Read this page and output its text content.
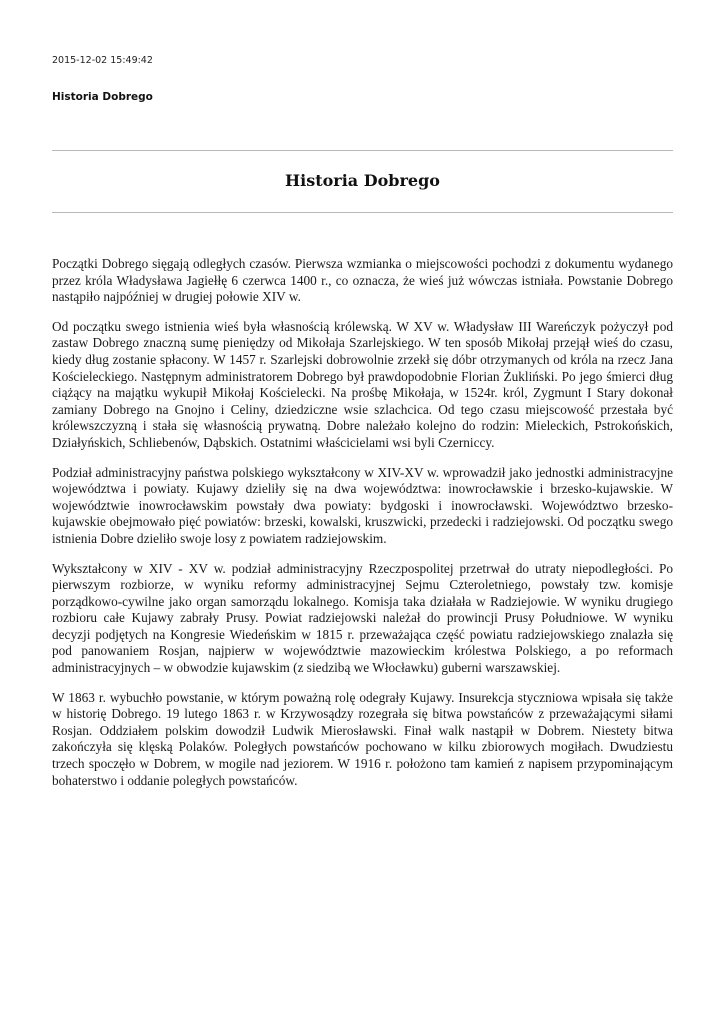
2015-12-02 15:49:42
Historia Dobrego
Historia Dobrego

Początki Dobrego sięgają odległych czasów. Pierwsza wzmianka o miejscowości pochodzi z dokumentu wydanego przez króla Władysława Jagiełłę 6 czerwca 1400 r., co oznacza, że wieś już wówczas istniała. Powstanie Dobrego nastąpiło najpóźniej w drugiej połowie XIV w.

Od początku swego istnienia wieś była własnością królewską. W XV w. Władysław III Warеńczyk pożyczył pod zastaw Dobrego znaczną sumę pieniędzy od Mikołaja Szarlejskiego. W ten sposób Mikołaj przejął wieś do czasu, kiedy dług zostanie spłacony. W 1457 r. Szarlejski dobrowolnie zrzekł się dóbr otrzymanych od króla na rzecz Jana Kościeleckiego. Następnym administratorem Dobrego był prawdopodobnie Florian Żukliński. Po jego śmierci dług ciążący na majątku wykupił Mikołaj Kościelecki. Na prośbę Mikołaja, w 1524r. król, Zygmunt I Stary dokonał zamiany Dobrego na Gnojno i Celiny, dziedziczne wsie szlachcica. Od tego czasu miejscowość przestała być królewszczyzną i stała się własnością prywatną. Dobre należało kolejno do rodzin: Mieleckich, Pstrokońskich, Działyńskich, Schliebenów, Dąbskich. Ostatnimi właścicielami wsi byli Czerniccy.

Podział administracyjny państwa polskiego wykształcony w XIV-XV w. wprowadził jako jednostki administracyjne województwa i powiaty. Kujawy dzieliły się na dwa województwa: inowrocławskie i brzesko-kujawskie. W województwie inowrocławskim powstały dwa powiaty: bydgoski i inowrocławski. Województwo brzesko-kujawskie obejmowało pięć powiatów: brzeski, kowalski, kruszwicki, przedecki i radziejowski. Od początku swego istnienia Dobre dzieliło swoje losy z powiatem radziejowskim.

Wykształcony w XIV - XV w. podział administracyjny Rzeczpospolitej przetrwał do utraty niepodległości. Po pierwszym rozbiorze, w wyniku reformy administracyjnej Sejmu Czteroletniego, powstały tzw. komisje porządkowo-cywilne jako organ samorządu lokalnego. Komisja taka działała w Radziejowie. W wyniku drugiego rozbioru całe Kujawy zabrały Prusy. Powiat radziejowski należał do prowincji Prusy Południowe. W wyniku decyzji podjętych na Kongresie Wiedeńskim w 1815 r. przeważająca część powiatu radziejowskiego znalazła się pod panowaniem Rosjan, najpierw w województwie mazowieckim królestwa Polskiego, a po reformach administracyjnych – w obwodzie kujawskim (z siedzibą we Włocławku) guberni warszawskiej.

W 1863 r. wybuchło powstanie, w którym poważną rolę odegrały Kujawy. Insurekcja styczniowa wpisała się także w historię Dobrego. 19 lutego 1863 r. w Krzywosądzy rozegrała się bitwa powstańców z przeważającymi siłami Rosjan. Oddziałem polskim dowodził Ludwik Mierosławski. Finał walk nastąpił w Dobrem. Niestety bitwa zakończyła się klęską Polaków. Poległych powstańców pochowano w kilku zbiorowych mogiłach. Dwudziestu trzech spoczęło w Dobrem, w mogile nad jeziorem. W 1916 r. położono tam kamień z napisem przypominającym bohaterstwo i oddanie poległych powstańców.
